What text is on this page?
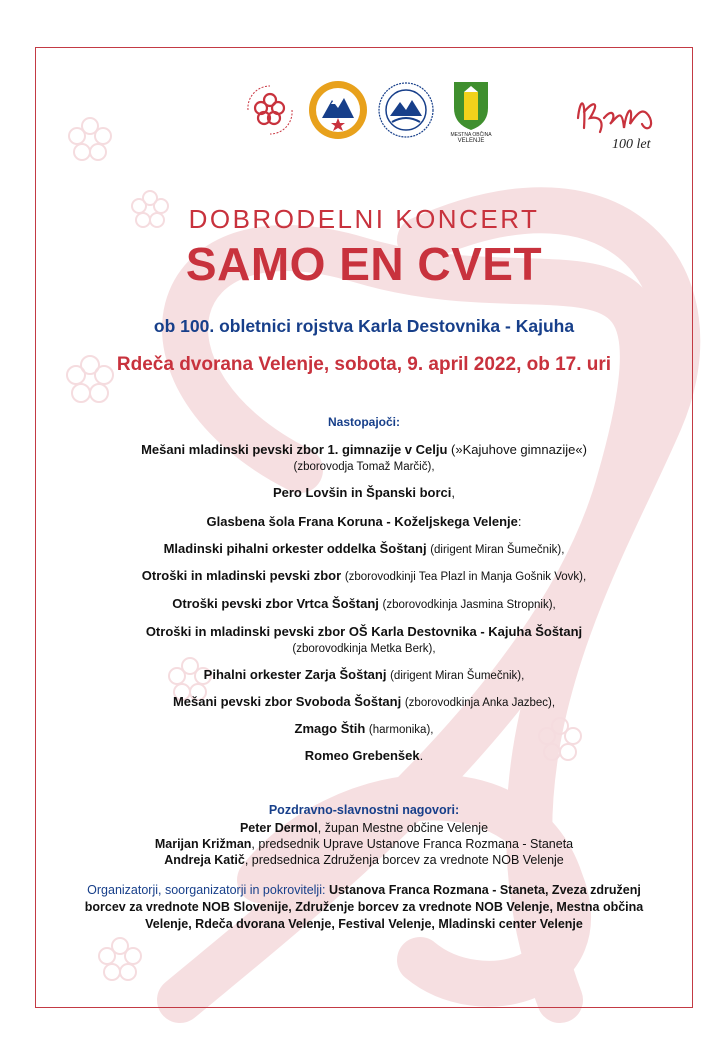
MESTNA OBČINA
VELENJE	100 let
DOBRODELNI KONCERT
SAMO EN CVET
ob 100. obletnici rojstva Karla Destovnika - Kajuha
Rdeča dvorana Velenje, sobota, 9. april 2022, ob 17. uri
Nastopajoči:
Mešani mladinski pevski zbor 1. gimnazije v Celju (»Kajuhove gimnazije«)
(zborovodja Tomaž Marčič),
Pero Lovšin in Španski borci,
Glasbena šola Frana Koruna - Koželjskega Velenje:
Mladinski pihalni orkester oddelka Šoštanj (dirigent Miran Šumečnik),
Otroški in mladinski pevski zbor (zborovodkinji Tea Plazl in Manja Gošnik Vovk),
Otroški pevski zbor Vrtca Šoštanj (zborovodkinja Jasmina Stropnik),
Otroški in mladinski pevski zbor OŠ Karla Destovnika - Kajuha Šoštanj
(zborovodkinja Metka Berk),
Pihalni orkester Zarja Šoštanj (dirigent Miran Šumečnik),
Mešani pevski zbor Svoboda Šoštanj (zborovodkinja Anka Jazbec),
Zmago Štih (harmonika),
Romeo Grebenšek.
Pozdravno-slavnostni nagovori:
Peter Dermol, župan Mestne občine Velenje
Marijan Križman, predsednik Uprave Ustanove Franca Rozmana - Staneta
Andreja Katič, predsednica Združenja borcev za vrednote NOB Velenje
Organizatorji, soorganizatorji in pokrovitelji: Ustanova Franca Rozmana - Staneta, Zveza združenj borcev za vrednote NOB Slovenije, Združenje borcev za vrednote NOB Velenje, Mestna občina Velenje, Rdeča dvorana Velenje, Festival Velenje, Mladinski center Velenje
